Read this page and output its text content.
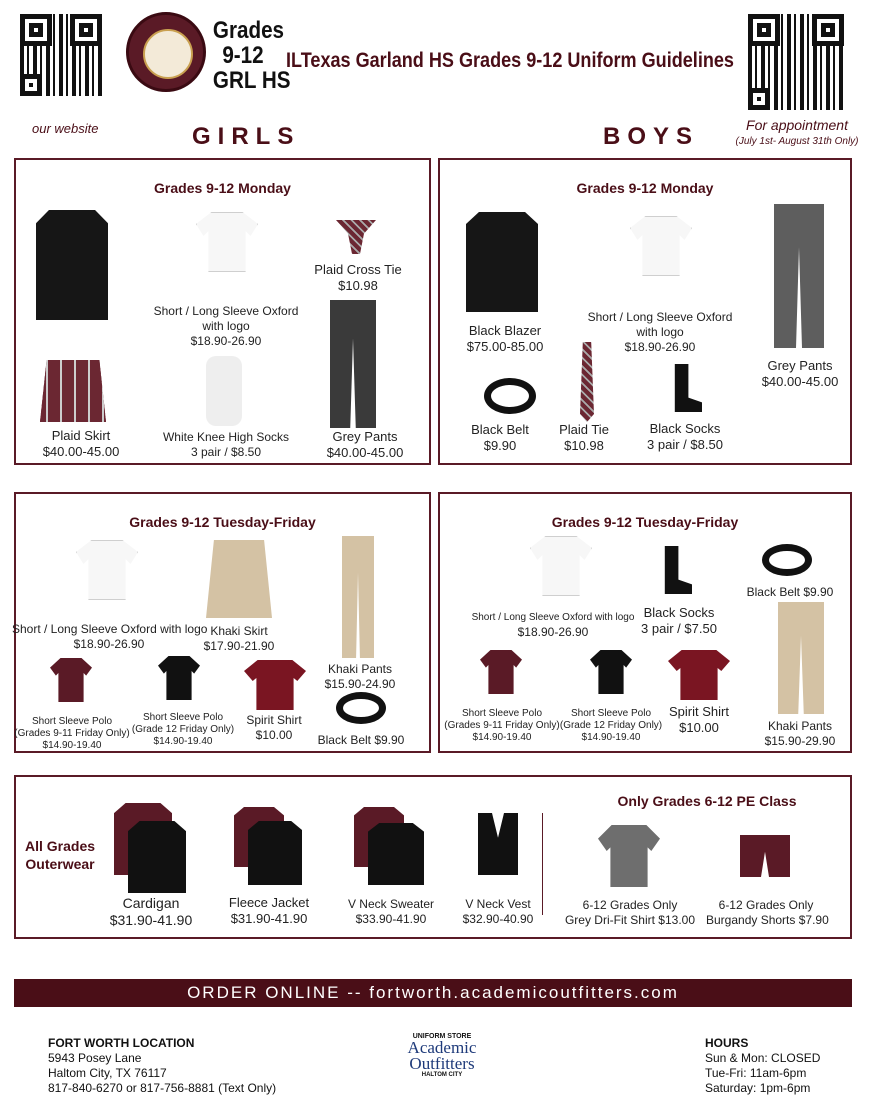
our website
Grades
9-12
GRL HS
ILTexas Garland HS Grades 9-12 Uniform Guidelines
For appointment
(July 1st- August 31th Only)
GIRLS	BOYS
Grades 9-12 Monday
Short / Long Sleeve Oxford
with logo
$18.90-26.90
Plaid Cross Tie
$10.98
Plaid Skirt
$40.00-45.00
White Knee High Socks
3 pair / $8.50
Grey Pants
$40.00-45.00
Grades 9-12 Monday
Black Blazer
$75.00-85.00
Short / Long Sleeve Oxford
with logo
$18.90-26.90
Grey Pants
$40.00-45.00
Black Belt
$9.90
Plaid Tie
$10.98
Black Socks
3 pair / $8.50
Grades 9-12 Tuesday-Friday
Short / Long Sleeve Oxford with logo
$18.90-26.90
Khaki Skirt
$17.90-21.90
Khaki Pants
$15.90-24.90
Short Sleeve Polo
(Grades 9-11 Friday Only)
$14.90-19.40
Short Sleeve Polo
(Grade 12 Friday Only)
$14.90-19.40
Spirit Shirt
$10.00	Black Belt $9.90
Grades 9-12 Tuesday-Friday
Short / Long Sleeve Oxford with logo
$18.90-26.90
Black Socks
3 pair / $7.50
Black Belt $9.90
Khaki Pants
$15.90-29.90
Short Sleeve Polo
(Grades 9-11 Friday Only)
$14.90-19.40
Short Sleeve Polo
(Grade 12 Friday Only)
$14.90-19.40
Spirit Shirt
$10.00
All Grades
Outerwear
Cardigan
$31.90-41.90
Fleece Jacket
$31.90-41.90
V Neck Sweater
$33.90-41.90
V Neck Vest
$32.90-40.90
Only Grades 6-12 PE Class
6-12 Grades Only
Grey Dri-Fit Shirt $13.00
6-12 Grades Only
Burgandy Shorts $7.90
ORDER ONLINE -- fortworth.academicoutfitters.com
FORT WORTH LOCATION
5943 Posey Lane
Haltom City, TX 76117
817-840-6270 or 817-756-8881 (Text Only)
UNIFORM STORE
Academic
Outfitters
HALTOM CITY
HOURS
Sun & Mon: CLOSED
Tue-Fri: 11am-6pm
Saturday: 1pm-6pm
